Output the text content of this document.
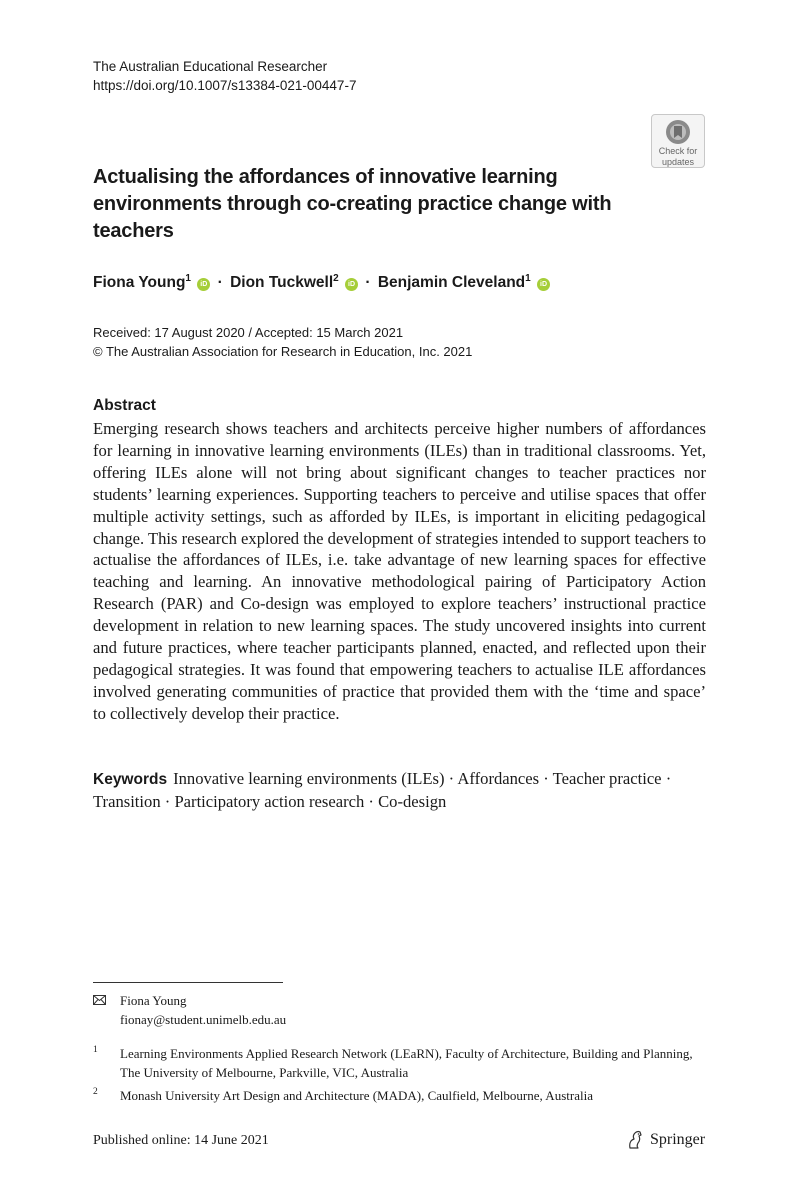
The Australian Educational Researcher
https://doi.org/10.1007/s13384-021-00447-7
Check for
updates
Actualising the affordances of innovative learning environments through co-creating practice change with teachers
Fiona Young$^1$ iD · Dion Tuckwell$^2$ iD · Benjamin Cleveland$^1$ iD
Received: 17 August 2020 / Accepted: 15 March 2021
© The Australian Association for Research in Education, Inc. 2021
Abstract

Emerging research shows teachers and architects perceive higher numbers of affordances for learning in innovative learning environments (ILEs) than in traditional classrooms. Yet, offering ILEs alone will not bring about significant changes to teacher practices nor students’ learning experiences. Supporting teachers to perceive and utilise spaces that offer multiple activity settings, such as afforded by ILEs, is important in eliciting pedagogical change. This research explored the development of strategies intended to support teachers to actualise the affordances of ILEs, i.e. take advantage of new learning spaces for effective teaching and learning. An innovative methodological pairing of Participatory Action Research (PAR) and Co-design was employed to explore teachers’ instructional practice development in relation to new learning spaces. The study uncovered insights into current and future practices, where teacher participants planned, enacted, and reflected upon their pedagogical strategies. It was found that empowering teachers to actualise ILE affordances involved generating communities of practice that provided them with the ‘time and space’ to collectively develop their practice.

Keywords Innovative learning environments (ILEs) · Affordances · Teacher practice · Transition · Participatory action research · Co-design
Fiona Young
fionay@student.unimelb.edu.au
1 Learning Environments Applied Research Network (LEaRN), Faculty of Architecture, Building and Planning, The University of Melbourne, Parkville, VIC, Australia
2 Monash University Art Design and Architecture (MADA), Caulfield, Melbourne, Australia
Published online: 14 June 2021	Springer
